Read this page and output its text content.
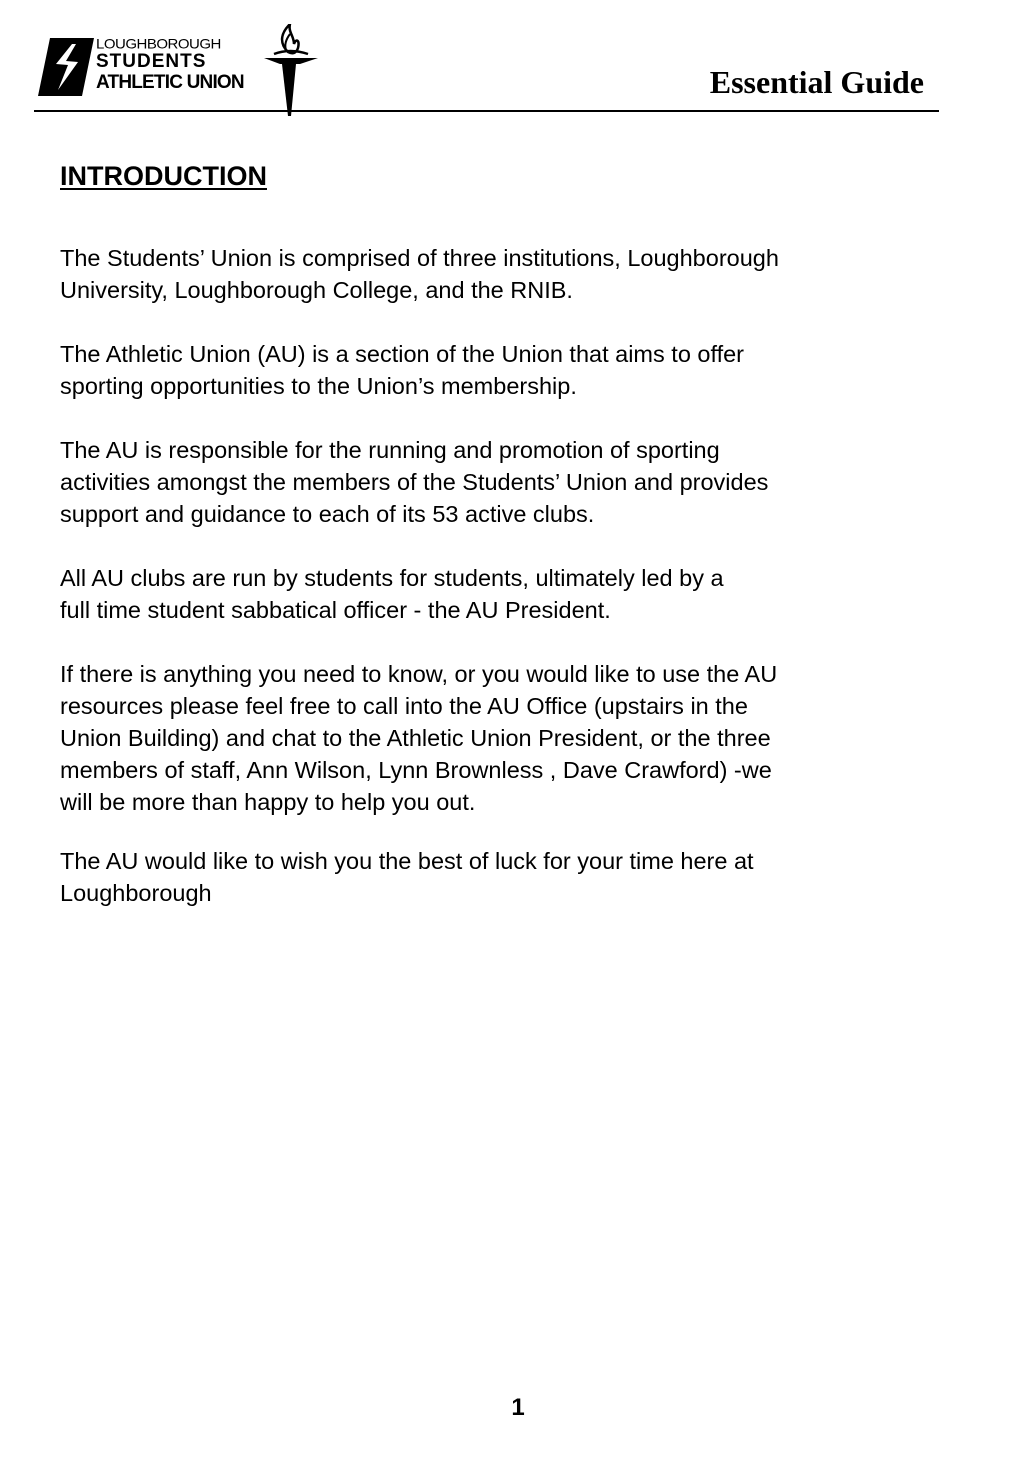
LOUGHBOROUGH
STUDENTS
ATHLETIC UNION	Essential Guide
INTRODUCTION

The Students’ Union is comprised of three institutions, Loughborough
University, Loughborough College, and the RNIB.

The Athletic Union (AU) is a section of the Union that aims to offer
sporting opportunities to the Union’s membership.

The AU is responsible for the running and promotion of sporting
activities amongst the members of the Students’ Union and provides
support and guidance to each of its 53 active clubs.

All AU clubs are run by students for students, ultimately led by a
full time student sabbatical officer - the AU President.

If there is anything you need to know, or you would like to use the AU
resources please feel free to call into the AU Office (upstairs in the
Union Building) and chat to the Athletic Union President, or the three
members of staff, Ann Wilson, Lynn Brownless , Dave Crawford) -we
will be more than happy to help you out.

The AU would like to wish you the best of luck for your time here at
Loughborough

1
